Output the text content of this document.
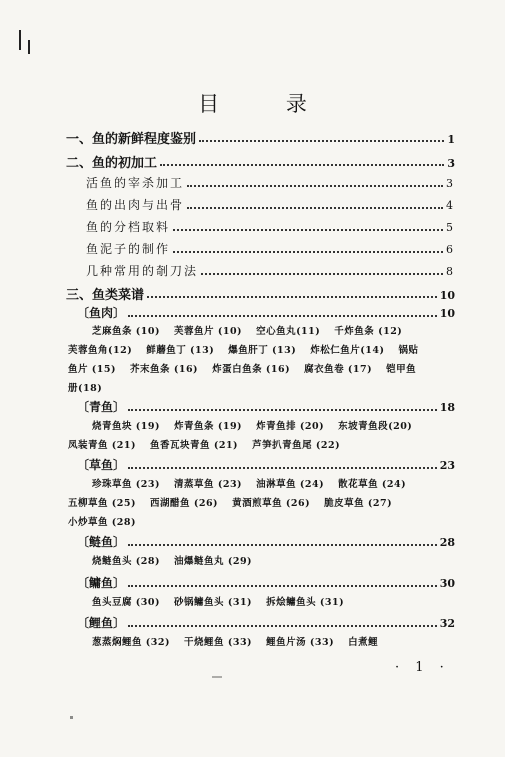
目 录
一、鱼的新鲜程度鉴别	1
二、鱼的初加工	3
活鱼的宰杀加工	3
鱼的出肉与出骨	4
鱼的分档取料	5
鱼泥子的制作	6
几种常用的剞刀法	8
三、鱼类菜谱	10
〔鱼肉〕	10
芝麻鱼条 (10) 芙蓉鱼片 (10) 空心鱼丸(11) 千炸鱼条 (12)
芙蓉鱼角(12) 鲜蘑鱼丁 (13) 爆鱼肝丁 (13) 炸松仁鱼片(14) 锅贴
鱼片 (15) 芥末鱼条 (16) 炸蛋白鱼条 (16) 腐衣鱼卷 (17) 铠甲鱼
册(18)
〔青鱼〕	18
烧青鱼块 (19) 炸青鱼条 (19) 炸青鱼排 (20) 东坡青鱼段(20)
凤装青鱼 (21) 鱼香瓦块青鱼 (21) 芦笋扒青鱼尾 (22)
〔草鱼〕	23
珍珠草鱼 (23) 清蒸草鱼 (23) 油淋草鱼 (24) 散花草鱼 (24)
五柳草鱼 (25) 西湖醋鱼 (26) 黄酒煎草鱼 (26) 脆皮草鱼 (27)
小炒草鱼 (28)
〔鲢鱼〕	28
烧鲢鱼头 (28) 油爆鲢鱼丸 (29)
〔鳙鱼〕	30
鱼头豆腐 (30) 砂锅鳙鱼头 (31) 拆烩鳙鱼头 (31)
〔鲤鱼〕	32
葱蒸焖鲤鱼 (32) 干烧鲤鱼 (33) 鲤鱼片汤 (33) 白煮鲤
· 1 ·
